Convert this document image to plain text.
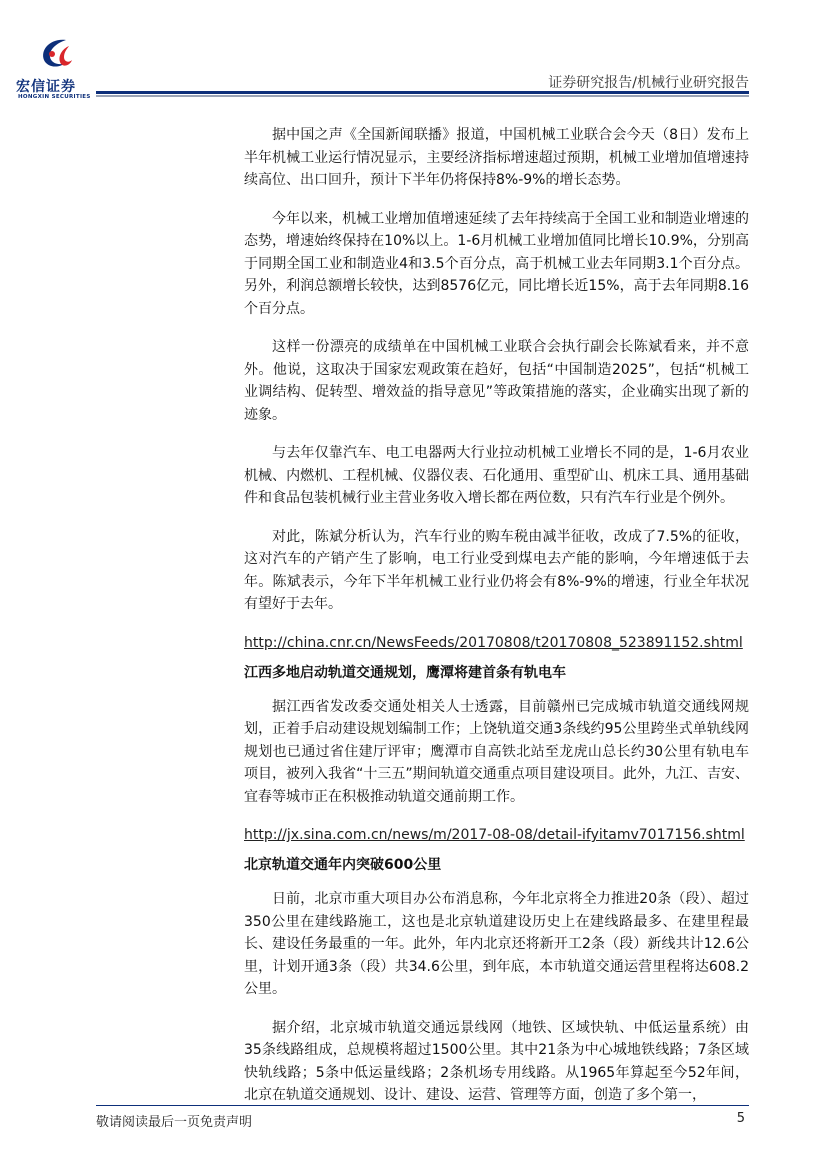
宏信证券
HONGXIN SECURITIES
证券研究报告/机械行业研究报告

据中国之声《全国新闻联播》报道，中国机械工业联合会今天（8日）发布上半年机械工业运行情况显示，主要经济指标增速超过预期，机械工业增加值增速持续高位、出口回升，预计下半年仍将保持8%-9%的增长态势。

今年以来，机械工业增加值增速延续了去年持续高于全国工业和制造业增速的态势，增速始终保持在10%以上。1-6月机械工业增加值同比增长10.9%，分别高于同期全国工业和制造业4和3.5个百分点，高于机械工业去年同期3.1个百分点。另外，利润总额增长较快，达到8576亿元，同比增长近15%，高于去年同期8.16个百分点。

这样一份漂亮的成绩单在中国机械工业联合会执行副会长陈斌看来，并不意外。他说，这取决于国家宏观政策在趋好，包括“中国制造2025”，包括“机械工业调结构、促转型、增效益的指导意见”等政策措施的落实，企业确实出现了新的迹象。

与去年仅靠汽车、电工电器两大行业拉动机械工业增长不同的是，1-6月农业机械、内燃机、工程机械、仪器仪表、石化通用、重型矿山、机床工具、通用基础件和食品包装机械行业主营业务收入增长都在两位数，只有汽车行业是个例外。

对此，陈斌分析认为，汽车行业的购车税由减半征收，改成了7.5%的征收，这对汽车的产销产生了影响，电工行业受到煤电去产能的影响，今年增速低于去年。陈斌表示，今年下半年机械工业行业仍将会有8%-9%的增速，行业全年状况有望好于去年。

http://china.cnr.cn/NewsFeeds/20170808/t20170808_523891152.shtml
江西多地启动轨道交通规划，鹰潭将建首条有轨电车

据江西省发改委交通处相关人士透露，目前赣州已完成城市轨道交通线网规划，正着手启动建设规划编制工作；上饶轨道交通3条线约95公里跨坐式单轨线网规划也已通过省住建厅评审；鹰潭市自高铁北站至龙虎山总长约30公里有轨电车项目，被列入我省“十三五”期间轨道交通重点项目建设项目。此外，九江、吉安、宜春等城市正在积极推动轨道交通前期工作。

http://jx.sina.com.cn/news/m/2017-08-08/detail-ifyitamv7017156.shtml
北京轨道交通年内突破600公里

日前，北京市重大项目办公布消息称，今年北京将全力推进20条（段）、超过350公里在建线路施工，这也是北京轨道建设历史上在建线路最多、在建里程最长、建设任务最重的一年。此外，年内北京还将新开工2条（段）新线共计12.6公里，计划开通3条（段）共34.6公里，到年底，本市轨道交通运营里程将达608.2公里。

据介绍，北京城市轨道交通远景线网（地铁、区域快轨、中低运量系统）由35条线路组成，总规模将超过1500公里。其中21条为中心城地铁线路；7条区域快轨线路；5条中低运量线路；2条机场专用线路。从1965年算起至今52年间，北京在轨道交通规划、设计、建设、运营、管理等方面，创造了多个第一，

敬请阅读最后一页免责声明	5
